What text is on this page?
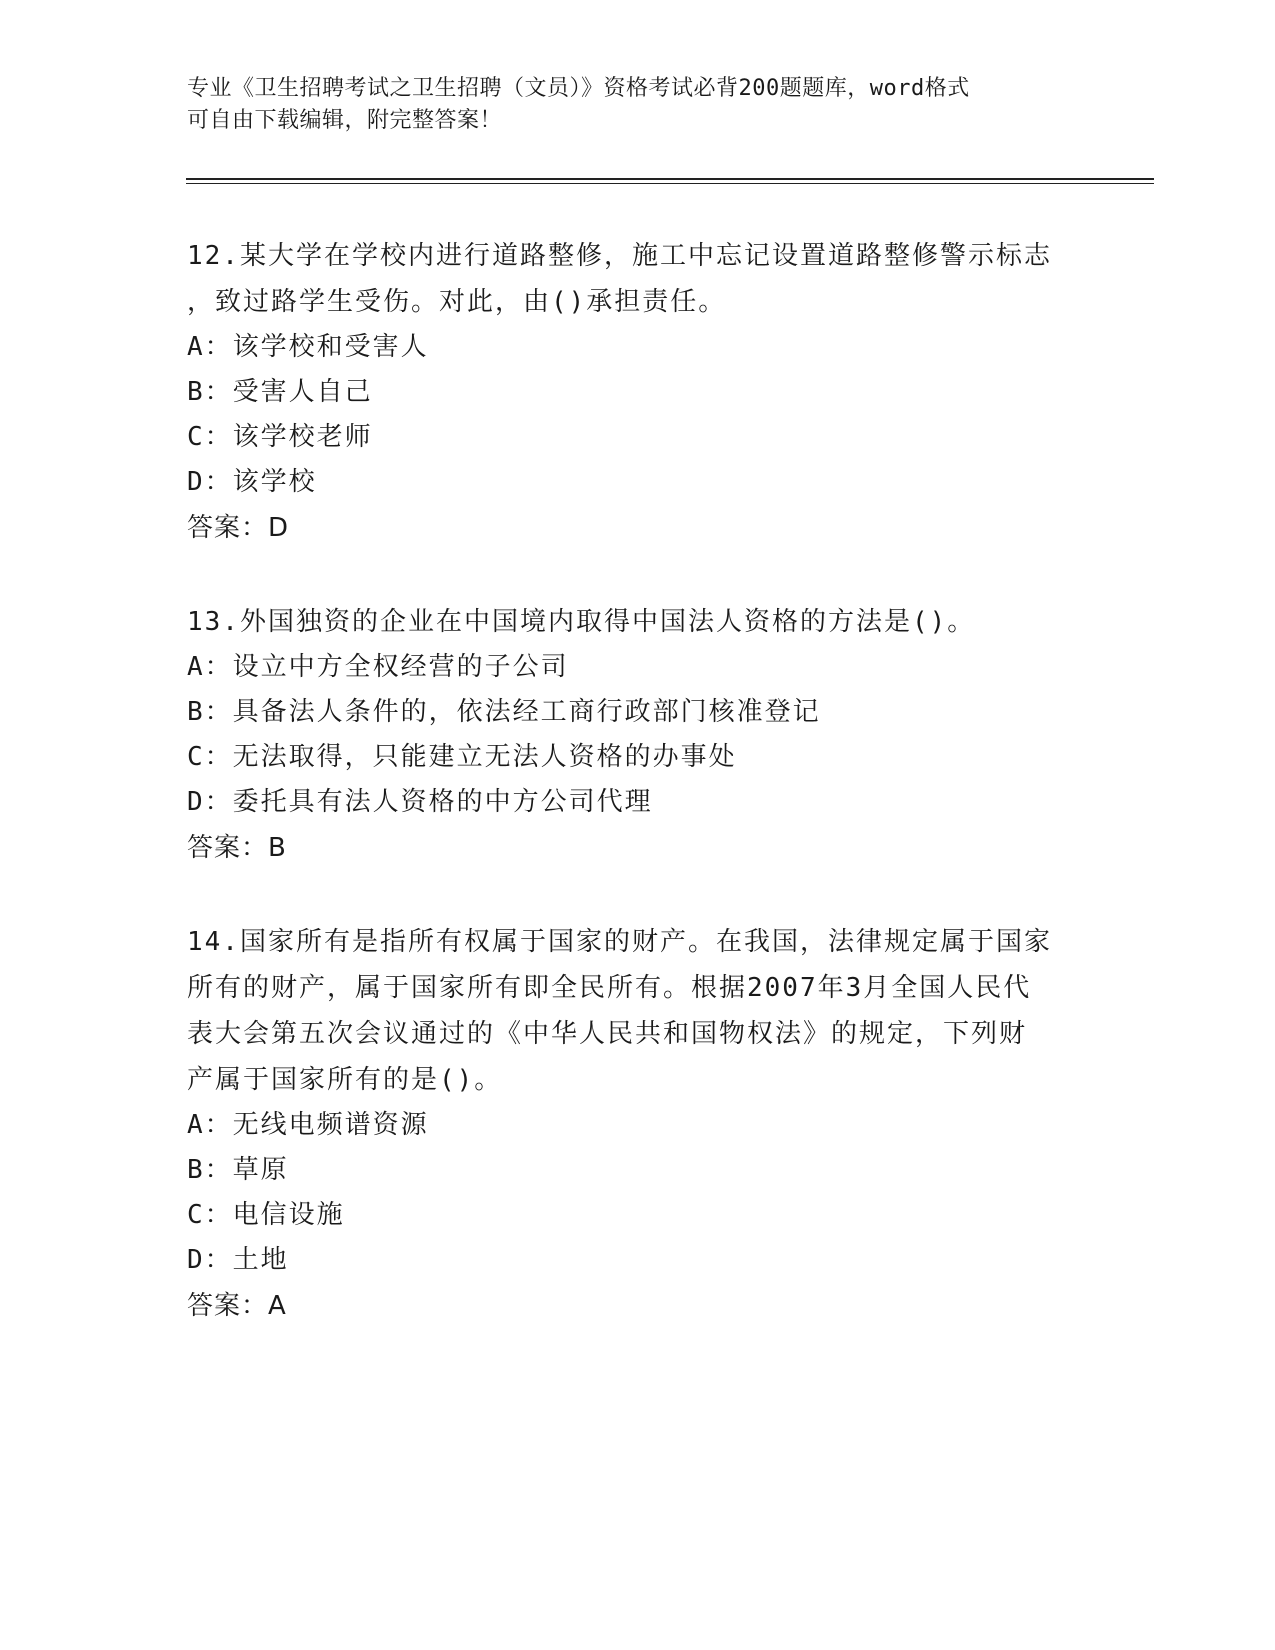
专业《卫生招聘考试之卫生招聘（文员）》资格考试必背200题题库，word格式
可自由下载编辑，附完整答案！

12.某大学在学校内进行道路整修，施工中忘记设置道路整修警示标志

，致过路学生受伤。对此，由()承担责任。

A：该学校和受害人

B：受害人自己

C：该学校老师

D：该学校

答案：D

13.外国独资的企业在中国境内取得中国法人资格的方法是()。

A：设立中方全权经营的子公司

B：具备法人条件的，依法经工商行政部门核准登记

C：无法取得，只能建立无法人资格的办事处

D：委托具有法人资格的中方公司代理

答案：B

14.国家所有是指所有权属于国家的财产。在我国，法律规定属于国家

所有的财产，属于国家所有即全民所有。根据2007年3月全国人民代

表大会第五次会议通过的《中华人民共和国物权法》的规定，下列财

产属于国家所有的是()。

A：无线电频谱资源

B：草原

C：电信设施

D：土地

答案：A
